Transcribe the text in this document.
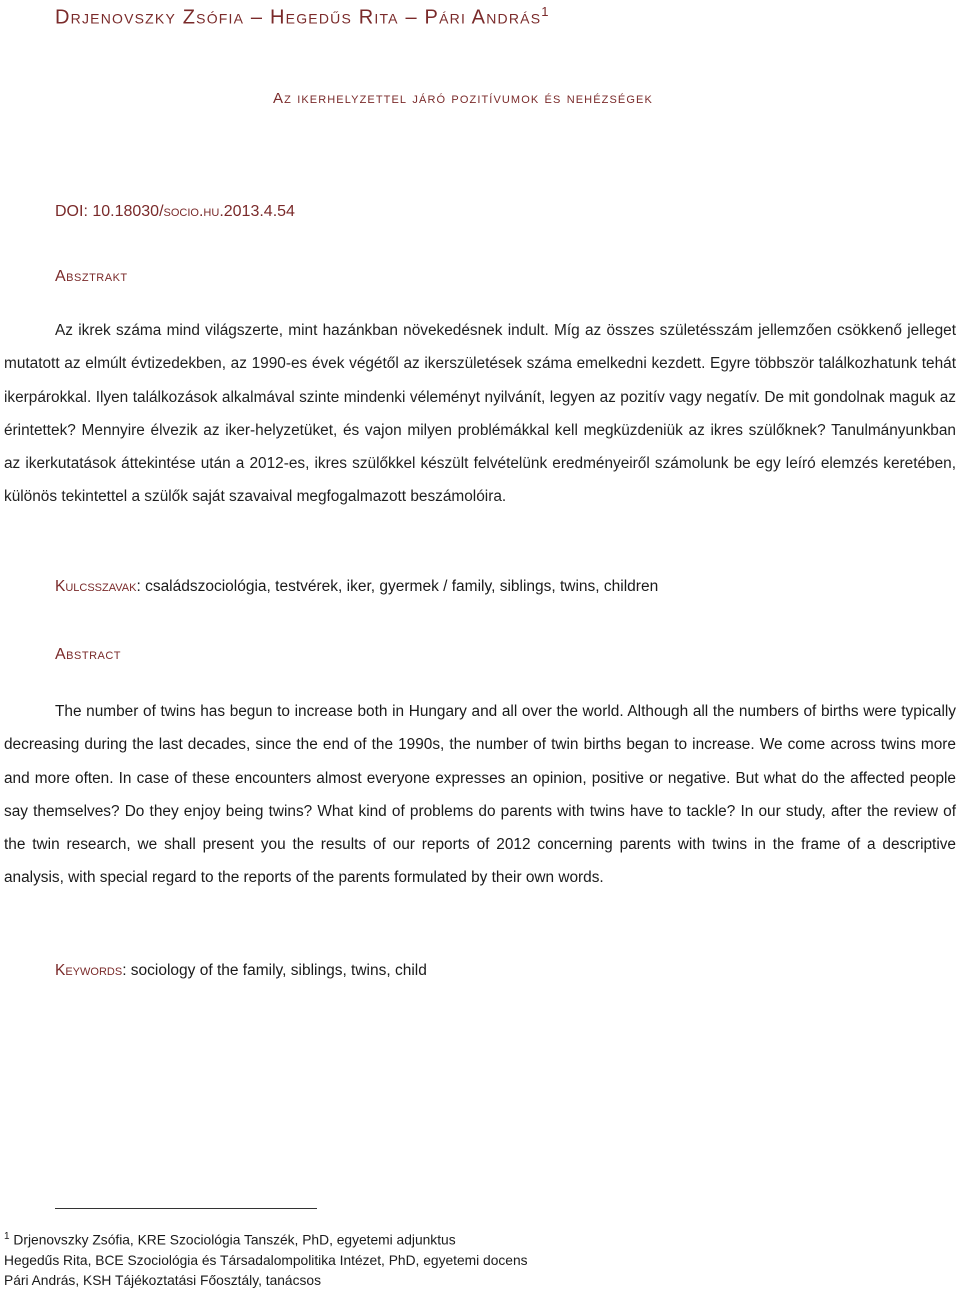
Drjenovszky Zsófia – Hegedűs Rita – Pári András$^1$
Az ikerhelyzettel járó pozitívumok és nehézségek
DOI: 10.18030/socio.hu.2013.4.54
Absztrakt

Az ikrek száma mind világszerte, mint hazánkban növekedésnek indult. Míg az összes születésszám jellemzően csökkenő jelleget mutatott az elmúlt évtizedekben, az 1990-es évek végétől az ikerszületések száma emelkedni kezdett. Egyre többször találkozhatunk tehát ikerpárokkal. Ilyen találkozások alkalmával szinte mindenki véleményt nyilvánít, legyen az pozitív vagy negatív. De mit gondolnak maguk az érintettek? Mennyire élvezik az iker-helyzetüket, és vajon milyen problémákkal kell megküzdeniük az ikres szülőknek? Tanulmányunkban az ikerkutatások áttekintése után a 2012-es, ikres szülőkkel készült felvételünk eredményeiről számolunk be egy leíró elemzés keretében, különös tekintettel a szülők saját szavaival megfogalmazott beszámolóira.

Kulcsszavak: családszociológia, testvérek, iker, gyermek / family, siblings, twins, children
Abstract

The number of twins has begun to increase both in Hungary and all over the world. Although all the numbers of births were typically decreasing during the last decades, since the end of the 1990s, the number of twin births began to increase. We come across twins more and more often. In case of these encounters almost everyone expresses an opinion, positive or negative. But what do the affected people say themselves? Do they enjoy being twins? What kind of problems do parents with twins have to tackle? In our study, after the review of the twin research, we shall present you the results of our reports of 2012 concerning parents with twins in the frame of a descriptive analysis, with special regard to the reports of the parents formulated by their own words.

Keywords: sociology of the family, siblings, twins, child
$^1$ Drjenovszky Zsófia, KRE Szociológia Tanszék, PhD, egyetemi adjunktus
Hegedűs Rita, BCE Szociológia és Társadalompolitika Intézet, PhD, egyetemi docens
Pári András, KSH Tájékoztatási Főosztály, tanácsos
